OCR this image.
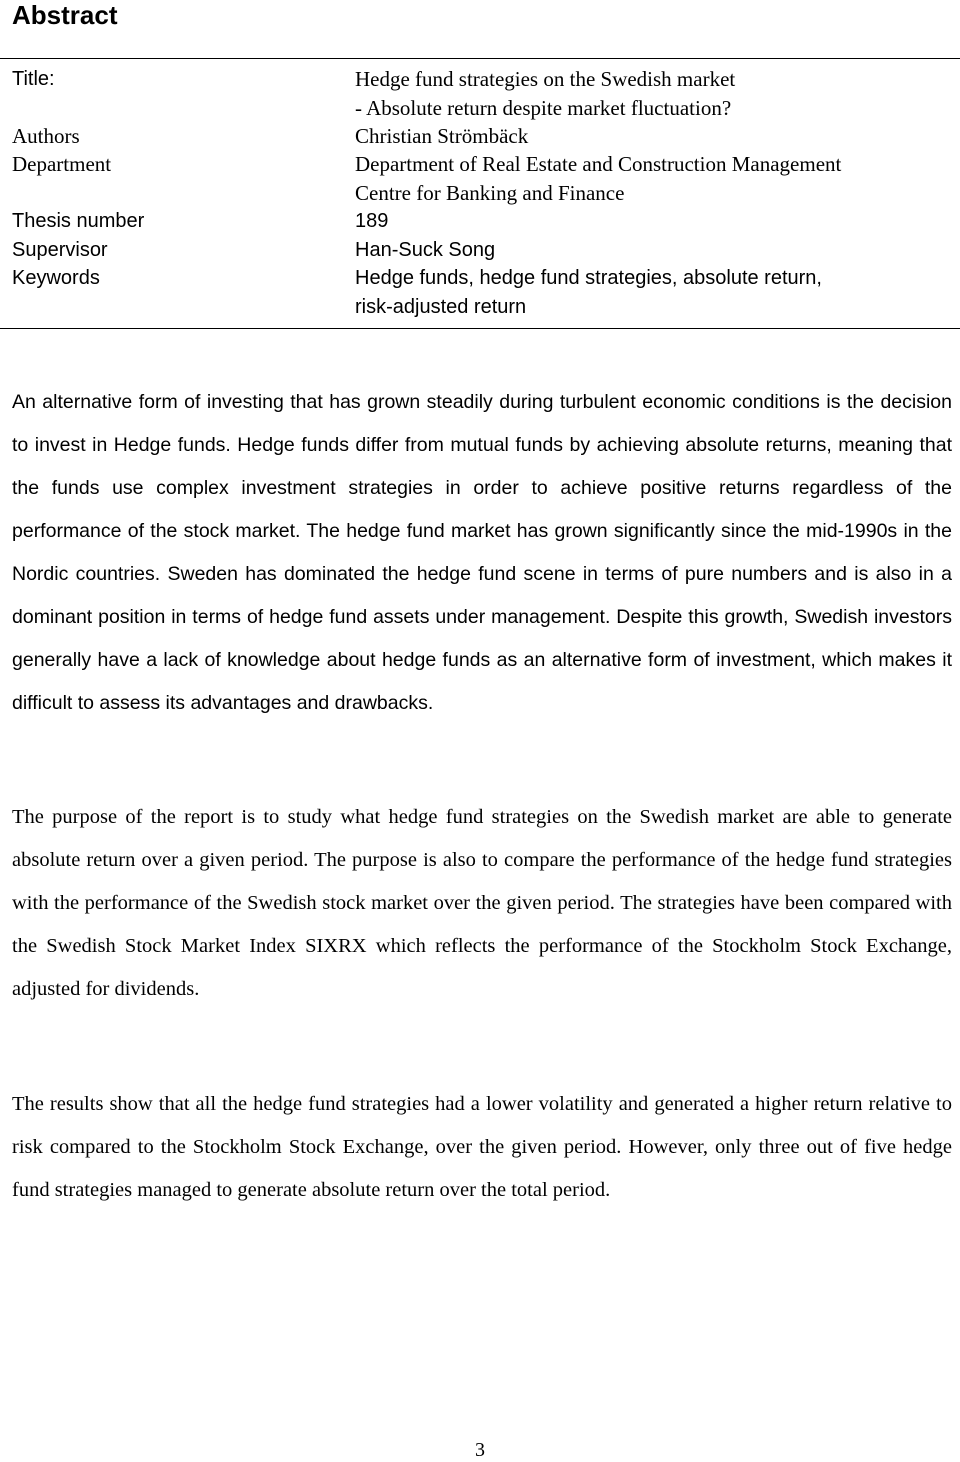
Abstract
Title:	Hedge fund strategies on the Swedish market
- Absolute return despite market fluctuation?
Authors	Christian Strömbäck
Department	Department of Real Estate and Construction Management
Centre for Banking and Finance
Thesis number	189
Supervisor	Han-Suck Song
Keywords	Hedge funds, hedge fund strategies, absolute return,
risk-adjusted return

An alternative form of investing that has grown steadily during turbulent economic conditions is the decision to invest in Hedge funds. Hedge funds differ from mutual funds by achieving absolute returns, meaning that the funds use complex investment strategies in order to achieve positive returns regardless of the performance of the stock market. The hedge fund market has grown significantly since the mid-1990s in the Nordic countries. Sweden has dominated the hedge fund scene in terms of pure numbers and is also in a dominant position in terms of hedge fund assets under management. Despite this growth, Swedish investors generally have a lack of knowledge about hedge funds as an alternative form of investment, which makes it difficult to assess its advantages and drawbacks.

The purpose of the report is to study what hedge fund strategies on the Swedish market are able to generate absolute return over a given period. The purpose is also to compare the performance of the hedge fund strategies with the performance of the Swedish stock market over the given period. The strategies have been compared with the Swedish Stock Market Index SIXRX which reflects the performance of the Stockholm Stock Exchange, adjusted for dividends.

The results show that all the hedge fund strategies had a lower volatility and generated a higher return relative to risk compared to the Stockholm Stock Exchange, over the given period. However, only three out of five hedge fund strategies managed to generate absolute return over the total period.

3
